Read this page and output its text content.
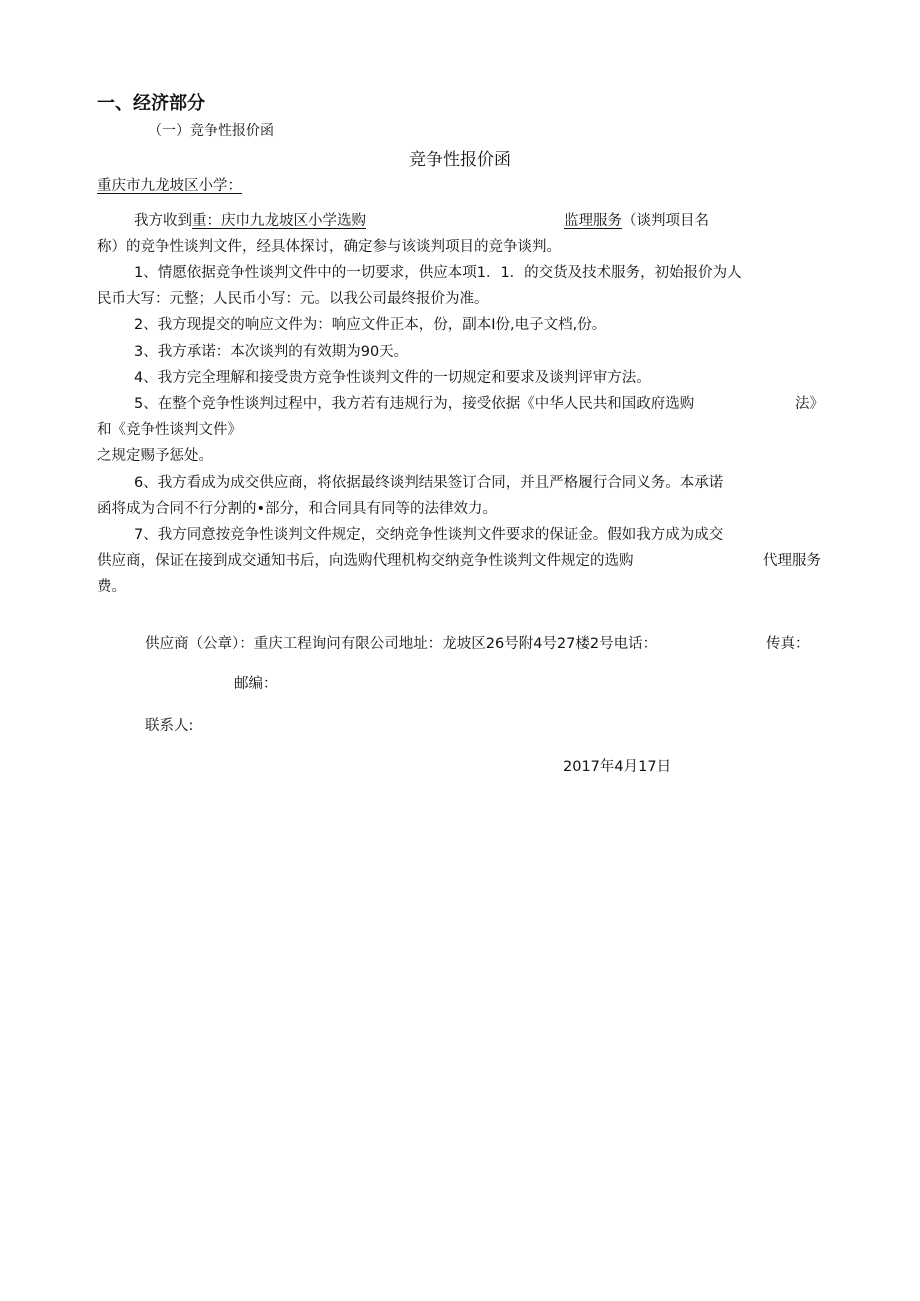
一、经济部分
（一）竞争性报价函
竞争性报价函
重庆市九龙坡区小学：
我方收到重：庆巾九龙坡区小学选购	监理服务（谈判项目名
称）的竞争性谈判文件，经具体探讨，确定参与该谈判项目的竞争谈判。
1、情愿依据竞争性谈判文件中的一切要求，供应本项1．1．的交货及技术服务，初始报价为人
民币大写：元整；人民币小写：元。以我公司最终报价为准。
2、我方现提交的响应文件为：响应文件正本，份，副本I份,电子文档,份。
3、我方承诺：本次谈判的有效期为90天。
4、我方完全理解和接受贵方竞争性谈判文件的一切规定和要求及谈判评审方法。
5、在整个竞争性谈判过程中，我方若有违规行为，接受依据《中华人民共和国政府选购	法》
和《竞争性谈判文件》
之规定赐予惩处。
6、我方看成为成交供应商，将依据最终谈判结果签订合同，并且严格履行合同义务。本承诺
函将成为合同不行分割的•部分，和合同具有同等的法律效力。
7、我方同意按竞争性谈判文件规定，交纳竞争性谈判文件要求的保证金。假如我方成为成交
供应商，保证在接到成交通知书后，向选购代理机构交纳竞争性谈判文件规定的选购	代理服务
费。
供应商（公章）：重庆工程询问有限公司地址：龙坡区26号附4号27楼2号电话：	传真：
邮编：
联系人:
2017年4月17日
